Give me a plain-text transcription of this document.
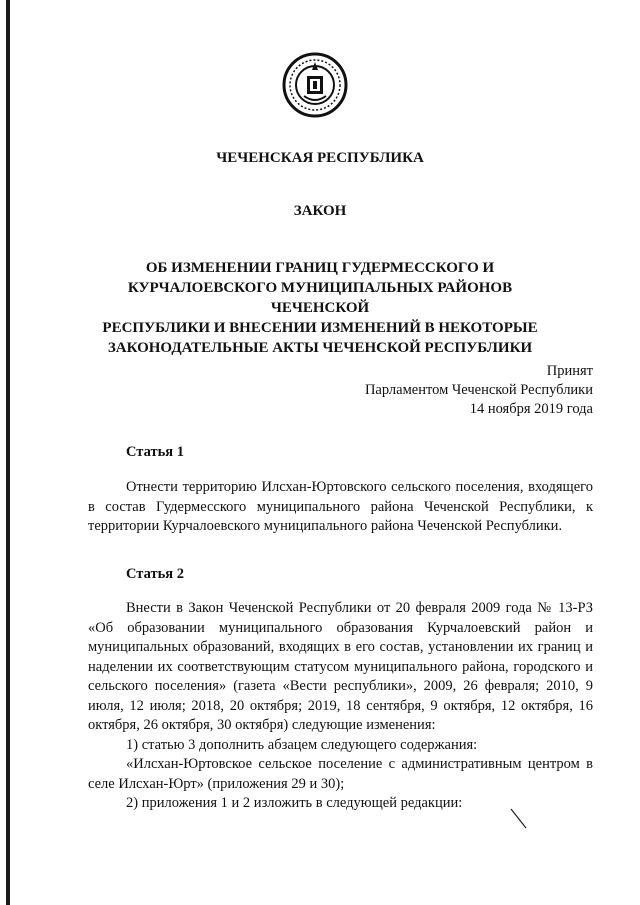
ЧЕЧЕНСКАЯ РЕСПУБЛИКА
ЗАКОН
ОБ ИЗМЕНЕНИИ ГРАНИЦ ГУДЕРМЕССКОГО И
КУРЧАЛОЕВСКОГО МУНИЦИПАЛЬНЫХ РАЙОНОВ ЧЕЧЕНСКОЙ
РЕСПУБЛИКИ И ВНЕСЕНИИ ИЗМЕНЕНИЙ В НЕКОТОРЫЕ
ЗАКОНОДАТЕЛЬНЫЕ АКТЫ ЧЕЧЕНСКОЙ РЕСПУБЛИКИ
Принят
Парламентом Чеченской Республики
14 ноября 2019 года
Статья 1

Отнести территорию Илсхан-Юртовского сельского поселения, входящего в состав Гудермесского муниципального района Чеченской Республики, к территории Курчалоевского муниципального района Чеченской Республики.

Статья 2

Внести в Закон Чеченской Республики от 20 февраля 2009 года № 13-РЗ «Об образовании муниципального образования Курчалоевский район и муниципальных образований, входящих в его состав, установлении их границ и наделении их соответствующим статусом муниципального района, городского и сельского поселения» (газета «Вести республики», 2009, 26 февраля; 2010, 9 июля, 12 июля; 2018, 20 октября; 2019, 18 сентября, 9 октября, 12 октября, 16 октября, 26 октября, 30 октября) следующие изменения:

1) статью 3 дополнить абзацем следующего содержания:

«Илсхан-Юртовское сельское поселение с административным центром в селе Илсхан-Юрт» (приложения 29 и 30);

2) приложения 1 и 2 изложить в следующей редакции:
